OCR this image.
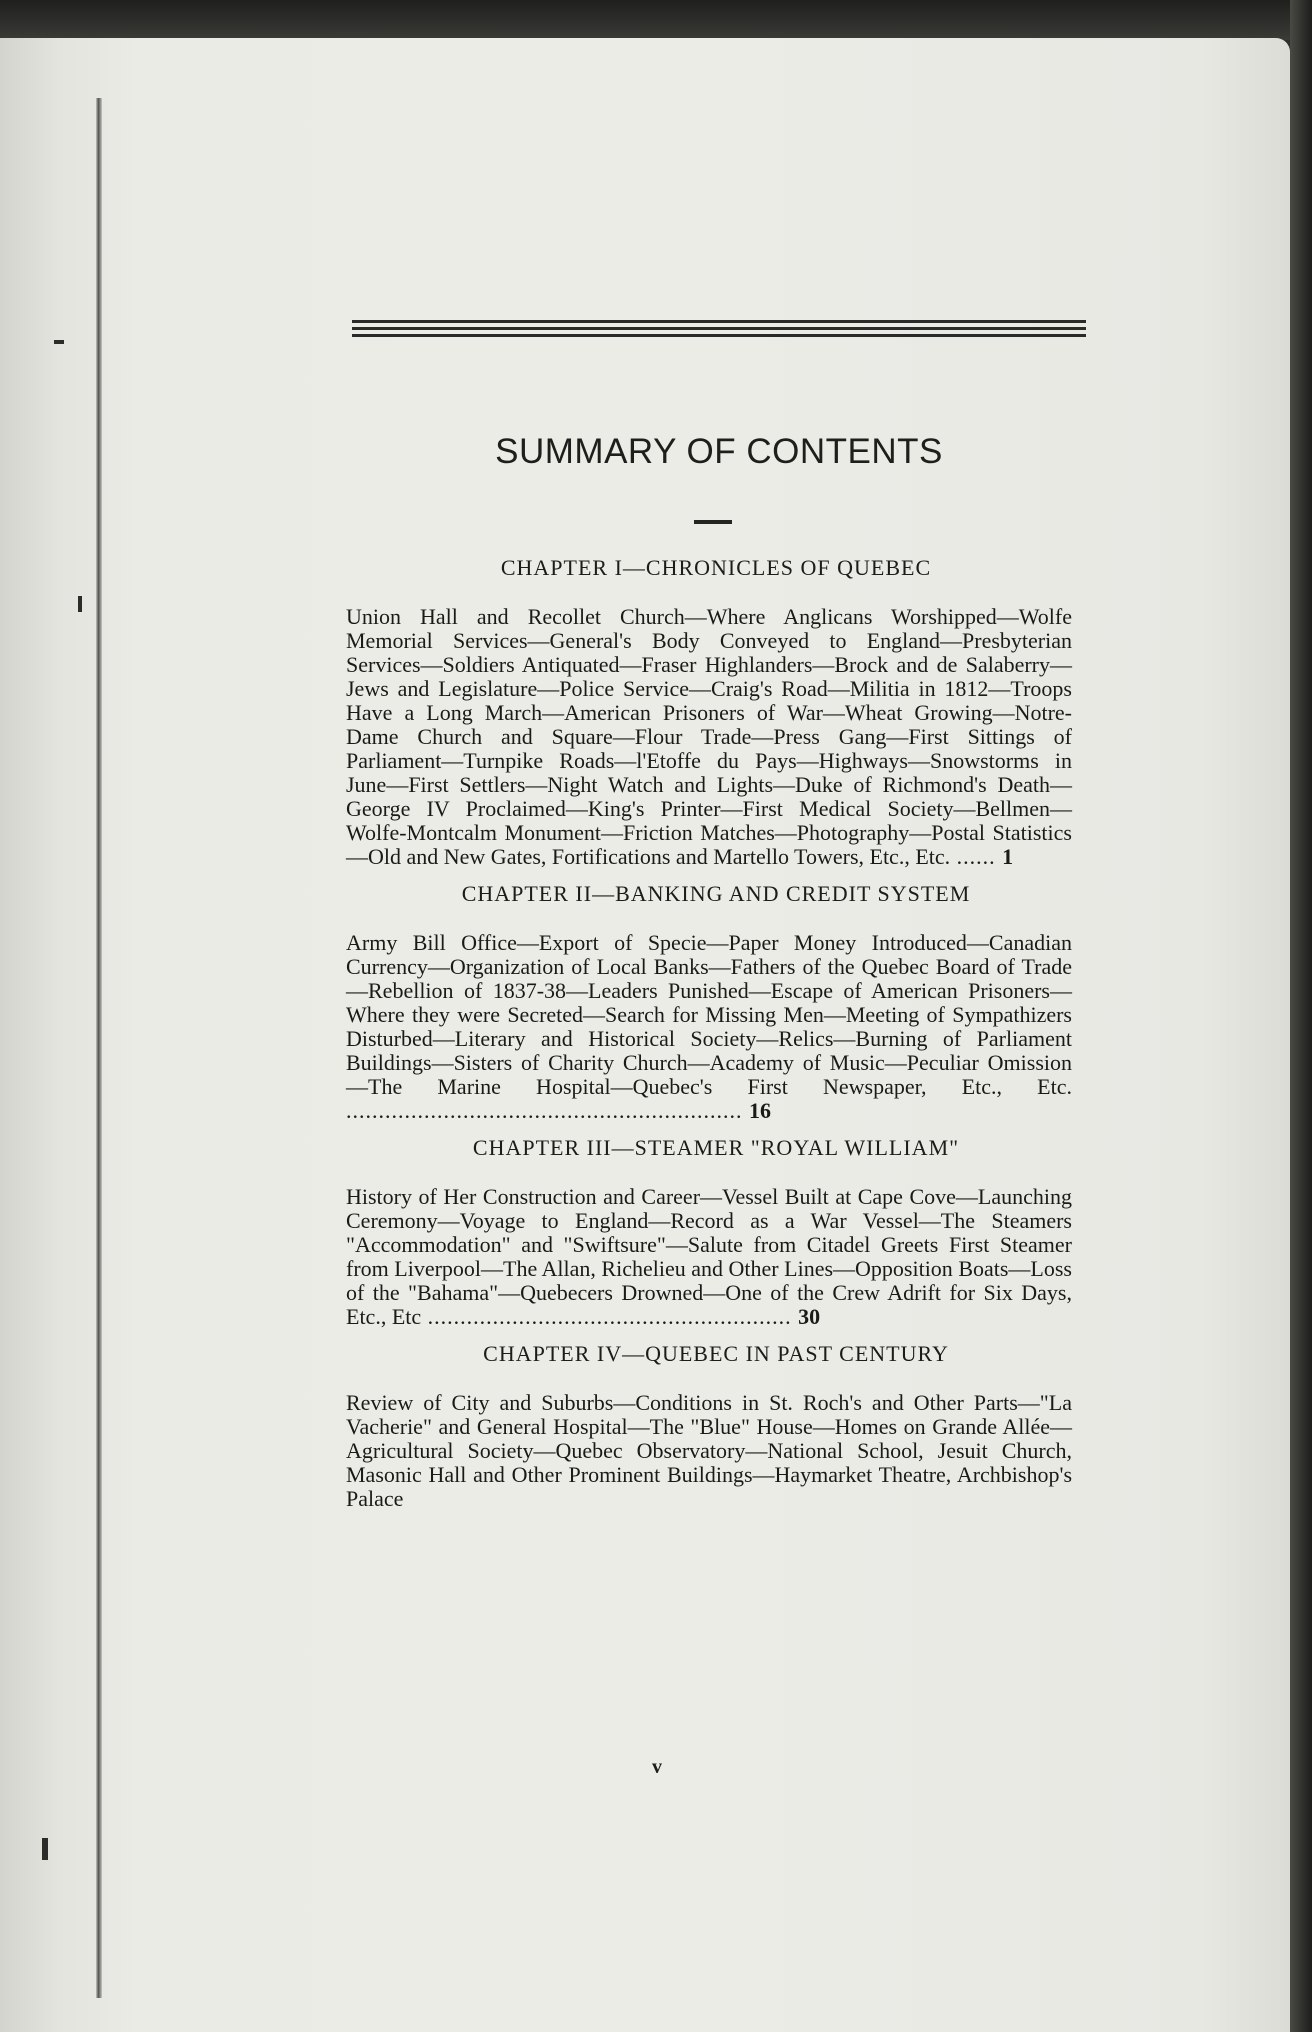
SUMMARY OF CONTENTS
CHAPTER I—CHRONICLES OF QUEBEC

Union Hall and Recollet Church—Where Anglicans Worshipped—Wolfe Memorial Services—General's Body Conveyed to England—Presbyterian Services—Soldiers Antiquated—Fraser Highlanders—Brock and de Salaberry—Jews and Legislature—Police Service—Craig's Road—Militia in 1812—Troops Have a Long March—American Prisoners of War—Wheat Growing—Notre-Dame Church and Square—Flour Trade—Press Gang—First Sittings of Parliament—Turnpike Roads—l'Etoffe du Pays—Highways—Snowstorms in June—First Settlers—Night Watch and Lights—Duke of Richmond's Death—George IV Proclaimed—King's Printer—First Medical Society—Bellmen—Wolfe-Montcalm Monument—Friction Matches—Photography—Postal Statistics—Old and New Gates, Fortifications and Martello Towers, Etc., Etc. ...... 1

CHAPTER II—BANKING AND CREDIT SYSTEM

Army Bill Office—Export of Specie—Paper Money Introduced—Canadian Currency—Organization of Local Banks—Fathers of the Quebec Board of Trade—Rebellion of 1837-38—Leaders Punished—Escape of American Prisoners—Where they were Secreted—Search for Missing Men—Meeting of Sympathizers Disturbed—Literary and Historical Society—Relics—Burning of Parliament Buildings—Sisters of Charity Church—Academy of Music—Peculiar Omission—The Marine Hospital—Quebec's First Newspaper, Etc., Etc. ............................................................. 16

CHAPTER III—STEAMER "ROYAL WILLIAM"

History of Her Construction and Career—Vessel Built at Cape Cove—Launching Ceremony—Voyage to England—Record as a War Vessel—The Steamers "Accommodation" and "Swiftsure"—Salute from Citadel Greets First Steamer from Liverpool—The Allan, Richelieu and Other Lines—Opposition Boats—Loss of the "Bahama"—Quebecers Drowned—One of the Crew Adrift for Six Days, Etc., Etc ........................................................ 30

CHAPTER IV—QUEBEC IN PAST CENTURY

Review of City and Suburbs—Conditions in St. Roch's and Other Parts—"La Vacherie" and General Hospital—The "Blue" House—Homes on Grande Allée—Agricultural Society—Quebec Observatory—National School, Jesuit Church, Masonic Hall and Other Prominent Buildings—Haymarket Theatre, Archbishop's Palace

v
